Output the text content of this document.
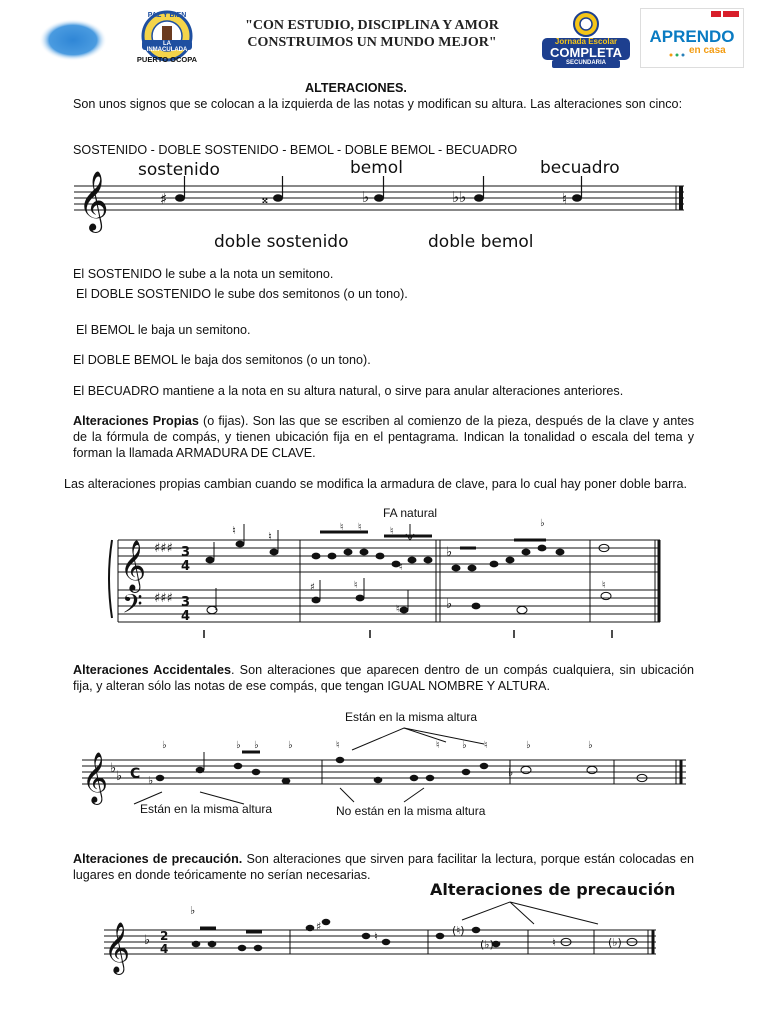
PAZ Y BIEN
LA INMACULADA
PUERTO OCOPA
"CON ESTUDIO, DISCIPLINA Y AMOR
CONSTRUIMOS UN MUNDO MEJOR"	Jornada Escolar
COMPLETA
SECUNDARIA
APRENDO
en casa
ALTERACIONES.
Son unos signos que se colocan a la izquierda de las notas y modifican su altura. Las alteraciones son cinco:
SOSTENIDO - DOBLE SOSTENIDO - BEMOL - DOBLE BEMOL - BECUADRO
𝄞	♯	𝄪	♭	♭♭	♮
sostenido	bemol	becuadro
doble sostenido	doble bemol
El SOSTENIDO le sube a la nota un semitono.
El DOBLE SOSTENIDO le sube dos semitonos (o un tono).
El BEMOL le baja un semitono.
El DOBLE BEMOL le baja dos semitonos (o un tono).
El BECUADRO mantiene a la nota en su altura natural, o sirve para anular alteraciones anteriores.
Alteraciones Propias (o fijas). Son las que se escriben al comienzo de la pieza, después de la clave y antes de la fórmula de compás, y tienen ubicación fija en el pentagrama. Indican la tonalidad o escala del tema y forman la llamada ARMADURA DE CLAVE.
Las alteraciones propias cambian cuando se modifica la armadura de clave, para lo cual hay poner doble barra.
𝄞
𝄢
♯♯♯
♯♯♯
3
4
3
4
♮	♮
♮ ♮	♮
♮
♯	♮
♮
♭
♭
♭
♮
FA natural
Alteraciones Accidentales. Son alteraciones que aparecen dentro de un compás cualquiera, sin ubicación fija, y alteran sólo las notas de ese compás, que tengan IGUAL NOMBRE Y ALTURA.
𝄞 ♭
♭ C ♭
♭	♭ ♭	♭	♮	♮ ♭ ♮	♭	♭
♭
Están en la misma altura
Están en la misma altura	No están en la misma altura
Alteraciones de precaución. Son alteraciones que sirven para facilitar la lectura, porque están colocadas en lugares en donde teóricamente no serían necesarias.
𝄞 ♭ 2
4
♭
♯
♮	(♮)
(♭)	♮	(♭)
Alteraciones de precaución
